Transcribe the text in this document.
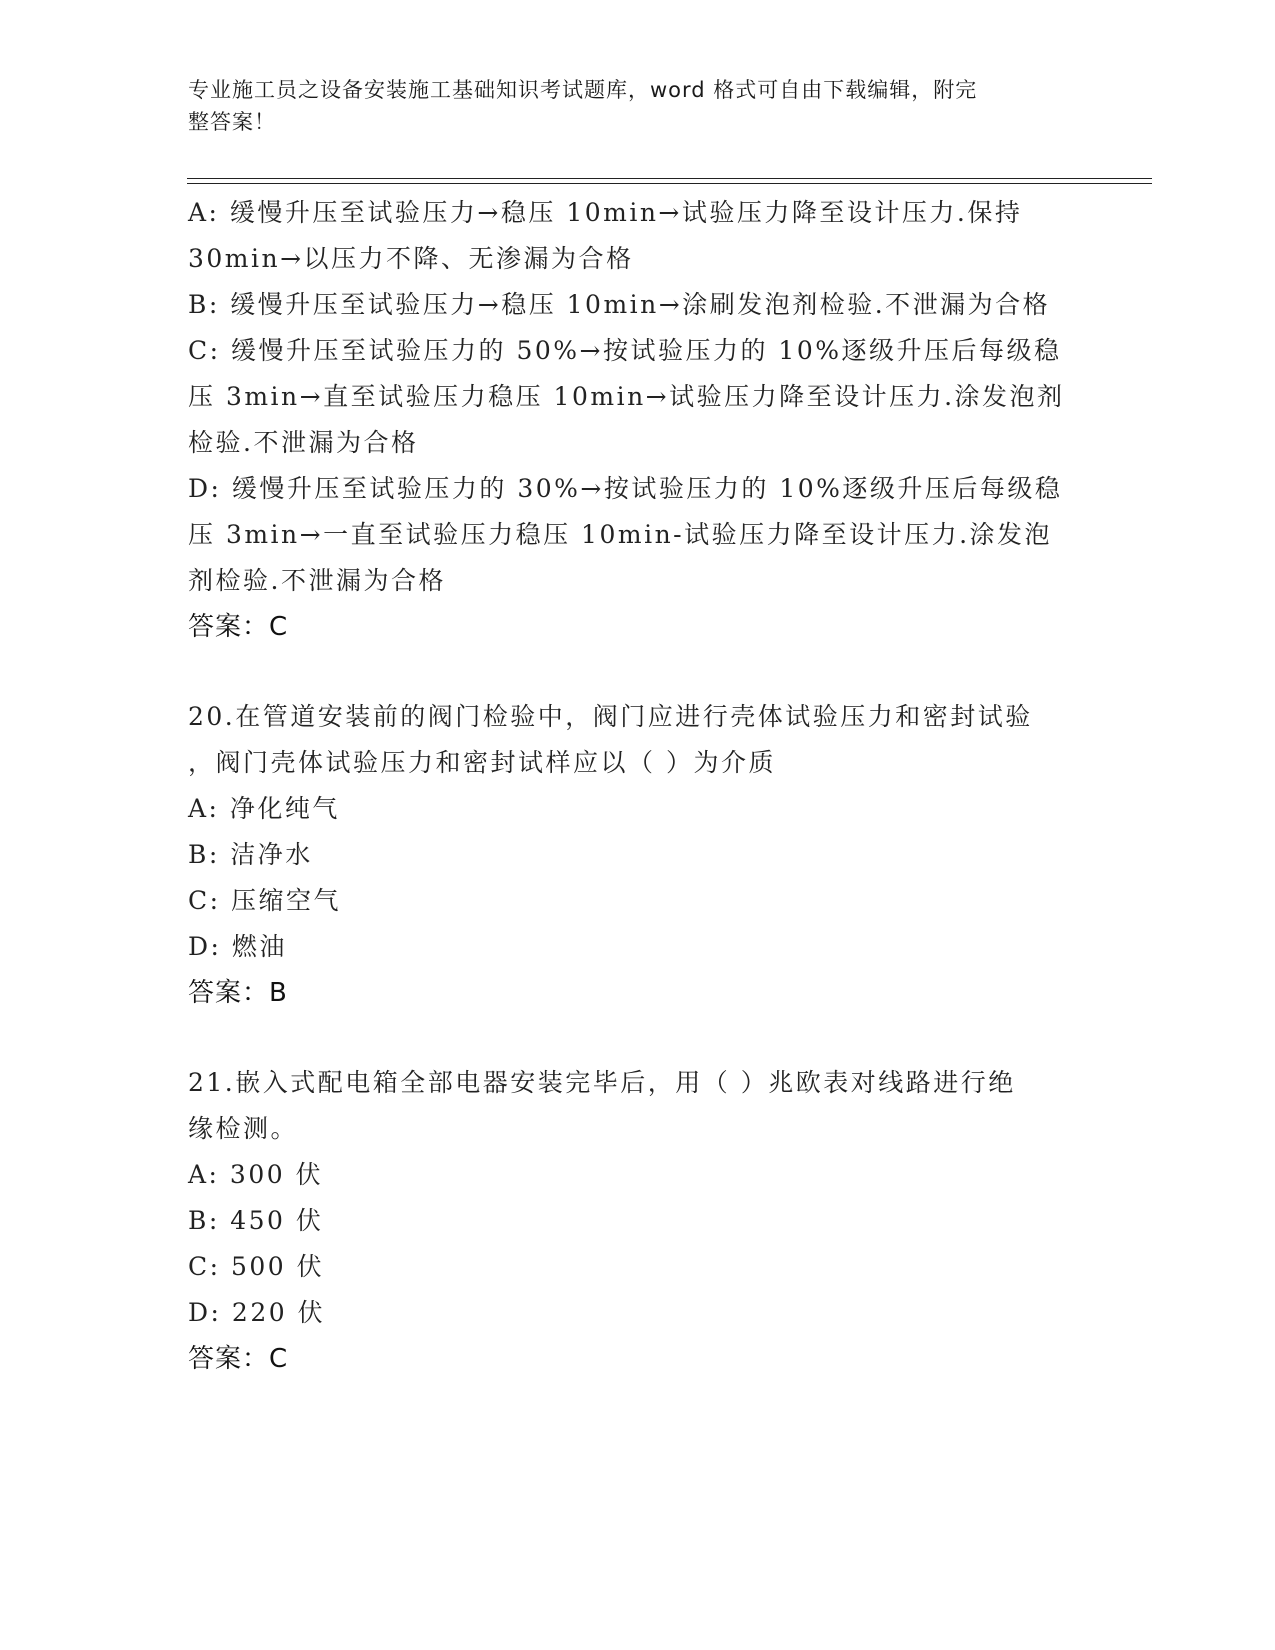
专业施工员之设备安装施工基础知识考试题库，word 格式可自由下载编辑，附完
整答案！

A: 缓慢升压至试验压力→稳压 10min→试验压力降至设计压力.保持

30min→以压力不降、无渗漏为合格

B: 缓慢升压至试验压力→稳压 10min→涂刷发泡剂检验.不泄漏为合格

C: 缓慢升压至试验压力的 50%→按试验压力的 10%逐级升压后每级稳

压 3min→直至试验压力稳压 10min→试验压力降至设计压力.涂发泡剂

检验.不泄漏为合格

D: 缓慢升压至试验压力的 30%→按试验压力的 10%逐级升压后每级稳

压 3min→一直至试验压力稳压 10min-试验压力降至设计压力.涂发泡

剂检验.不泄漏为合格

答案：C

20.在管道安装前的阀门检验中，阀门应进行壳体试验压力和密封试验

，阀门壳体试验压力和密封试样应以（ ）为介质

A: 净化纯气

B: 洁净水

C: 压缩空气

D: 燃油

答案：B

21.嵌入式配电箱全部电器安装完毕后，用（ ）兆欧表对线路进行绝

缘检测。

A: 300 伏

B: 450 伏

C: 500 伏

D: 220 伏

答案：C
